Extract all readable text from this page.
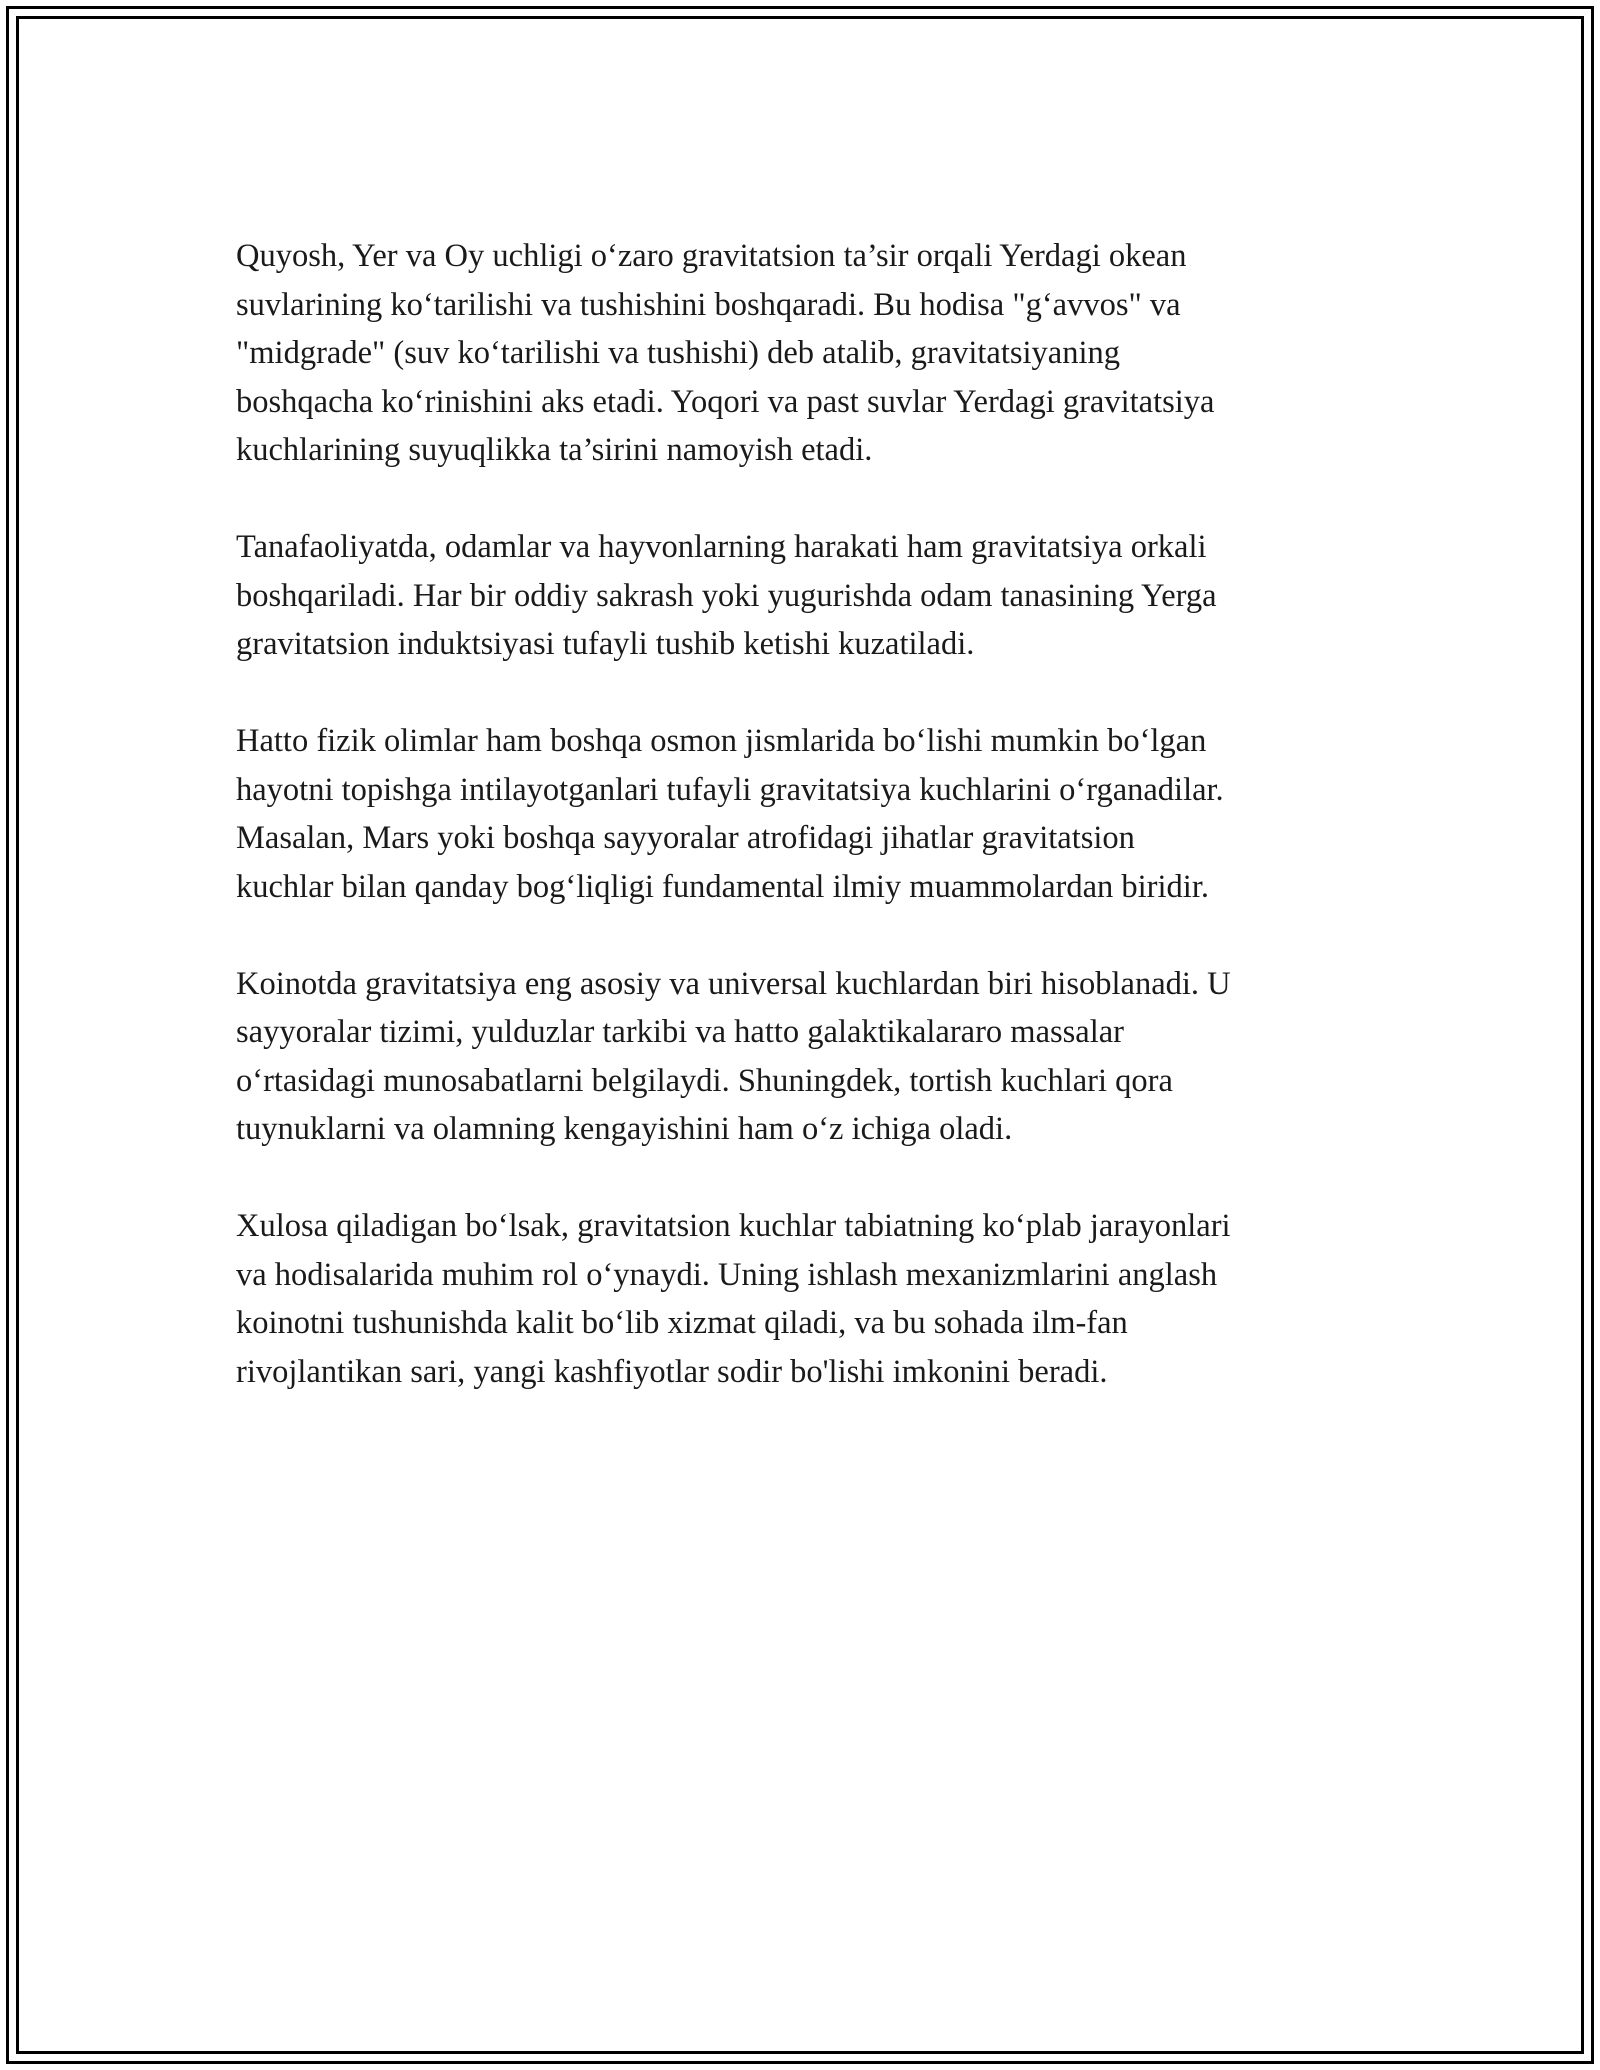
Quyosh, Yer va Oy uchligi o‘zaro gravitatsion ta’sir orqali Yerdagi okean
suvlarining ko‘tarilishi va tushishini boshqaradi. Bu hodisa "g‘avvos" va
"midgrade" (suv ko‘tarilishi va tushishi) deb atalib, gravitatsiyaning
boshqacha ko‘rinishini aks etadi. Yoqori va past suvlar Yerdagi gravitatsiya
kuchlarining suyuqlikka ta’sirini namoyish etadi.

Tanafaoliyatda, odamlar va hayvonlarning harakati ham gravitatsiya orkali
boshqariladi. Har bir oddiy sakrash yoki yugurishda odam tanasining Yerga
gravitatsion induktsiyasi tufayli tushib ketishi kuzatiladi.

Hatto fizik olimlar ham boshqa osmon jismlarida bo‘lishi mumkin bo‘lgan
hayotni topishga intilayotganlari tufayli gravitatsiya kuchlarini o‘rganadilar.
Masalan, Mars yoki boshqa sayyoralar atrofidagi jihatlar gravitatsion
kuchlar bilan qanday bog‘liqligi fundamental ilmiy muammolardan biridir.

Koinotda gravitatsiya eng asosiy va universal kuchlardan biri hisoblanadi. U
sayyoralar tizimi, yulduzlar tarkibi va hatto galaktikalararo massalar
o‘rtasidagi munosabatlarni belgilaydi. Shuningdek, tortish kuchlari qora
tuynuklarni va olamning kengayishini ham o‘z ichiga oladi.

Xulosa qiladigan bo‘lsak, gravitatsion kuchlar tabiatning ko‘plab jarayonlari
va hodisalarida muhim rol o‘ynaydi. Uning ishlash mexanizmlarini anglash
koinotni tushunishda kalit bo‘lib xizmat qiladi, va bu sohada ilm-fan
rivojlantikan sari, yangi kashfiyotlar sodir bo'lishi imkonini beradi.
